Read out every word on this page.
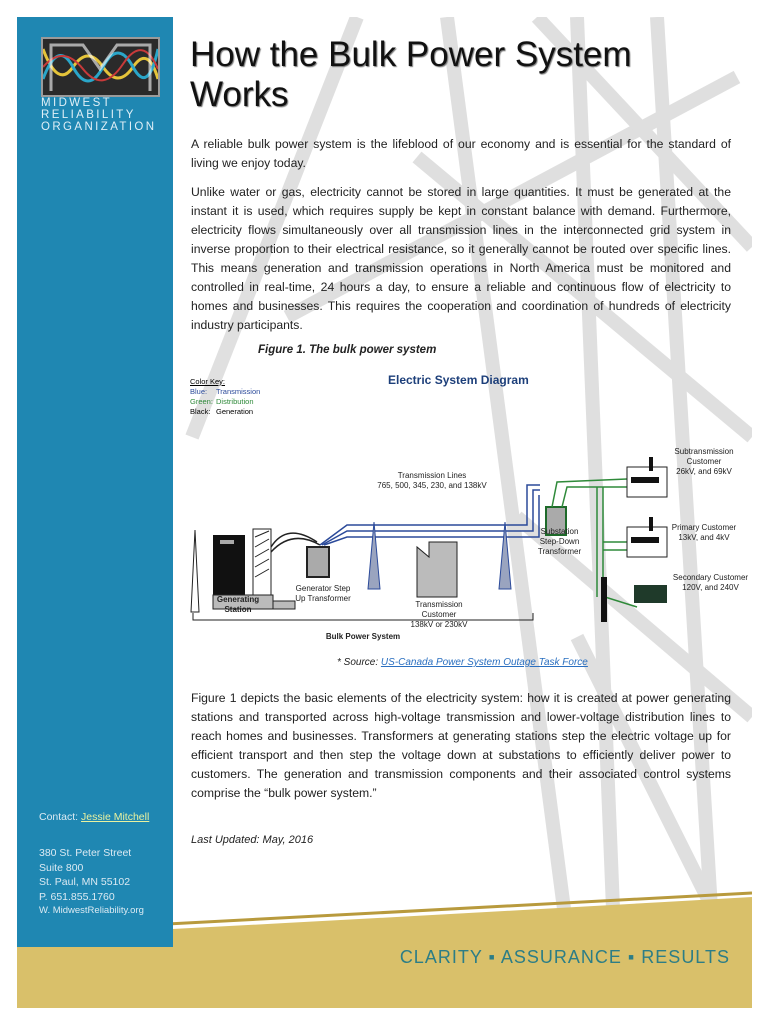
MIDWEST
RELIABILITY
ORGANIZATION
Contact: Jessie Mitchell
380 St. Peter Street
Suite 800
St. Paul, MN 55102
P. 651.855.1760
W. MidwestReliability.org
How the Bulk Power System
Works
A reliable bulk power system is the lifeblood of our economy and is essential for the standard of living we enjoy today.
Unlike water or gas, electricity cannot be stored in large quantities. It must be generated at the instant it is used, which requires supply be kept in constant balance with demand. Furthermore, electricity flows simultaneously over all transmission lines in the interconnected grid system in inverse proportion to their electrical resistance, so it generally cannot be routed over specific lines. This means generation and transmission operations in North America must be monitored and controlled in real-time, 24 hours a day, to ensure a reliable and continuous flow of electricity to homes and businesses. This requires the cooperation and coordination of hundreds of electricity industry participants.
Figure 1. The bulk power system
Electric System Diagram
Color Key:
Blue: Transmission
Green: Distribution
Black: Generation
Transmission Lines
765, 500, 345, 230, and 138kV
Generating Station
Generator Step
Up Transformer
Transmission
Customer
138kV or 230kV
Substation
Step-Down
Transformer
Subtransmission
Customer
26kV, and 69kV
Primary Customer
13kV, and 4kV
Secondary Customer
120V, and 240V
Bulk Power System
* Source: US-Canada Power System Outage Task Force
Figure 1 depicts the basic elements of the electricity system: how it is created at power generating stations and transported across high-voltage transmission and lower-voltage distribution lines to reach homes and businesses. Transformers at generating stations step the electric voltage up for efficient transport and then step the voltage down at substations to efficiently deliver power to customers. The generation and transmission components and their associated control systems comprise the “bulk power system.”
Last Updated: May, 2016
CLARITY ▪ ASSURANCE ▪ RESULTS
